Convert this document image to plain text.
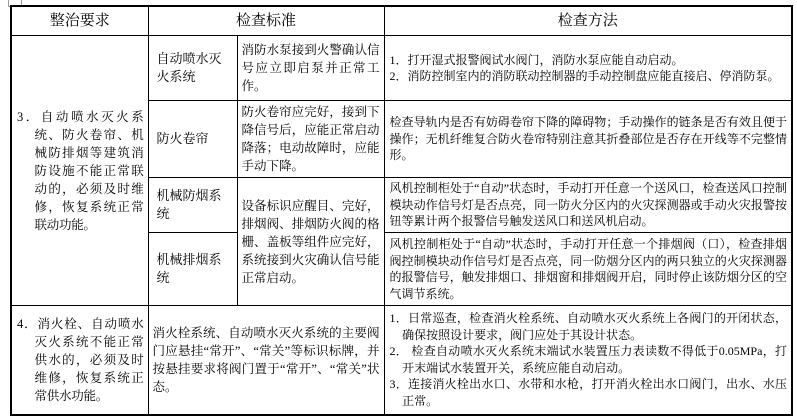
整治要求	检查标准		检查方法

3．自动喷水灭火系统、防火卷帘、机械防排烟等建筑消防设施不能正常联动的，必须及时维修，恢复系统正常联动功能。	自动喷水灭火系统	消防水泵接到火警确认信号应立即启泵并正常工作。	1．打开湿式报警阀试水阀门，消防水泵应能自动启动。
2．消防控制室内的消防联动控制器的手动控制盘应能直接启、停消防泵。

	防火卷帘	防火卷帘应完好，接到下降信号后，应能正常启动降落；电动故障时，应能手动下降。	检查导轨内是否有妨碍卷帘下降的障碍物；手动操作的链条是否有效且便于操作；无机纤维复合防火卷帘特别注意其折叠部位是否存在开线等不完整情形。
	机械防烟系统	设备标识应醒目、完好，排烟阀、排烟防火阀的格栅、盖板等组件应完好，系统接到火灾确认信号能正常启动。	风机控制柜处于“自动”状态时，手动打开任意一个送风口，检查送风口控制模块动作信号灯是否点亮，同一防火分区内的火灾探测器或手动火灾报警按钮等累计两个报警信号触发送风口和送风机启动。
	机械排烟系统		风机控制柜处于“自动”状态时，手动打开任意一个排烟阀（口），检查排烟阀控制模块动作信号灯是否点亮，同一防烟分区内的两只独立的火灾探测器的报警信号，触发排烟口、排烟窗和排烟阀开启，同时停止该防烟分区的空气调节系统。

4．消火栓、自动喷水灭火系统不能正常供水的，必须及时维修，恢复系统正常供水功能。	消火栓系统、自动喷水灭火系统的主要阀门应悬挂“常开”、“常关”等标识标牌，并按悬挂要求将阀门置于“常开”、“常关”状态。		1．日常巡查，检查消火栓系统、自动喷水灭火系统上各阀门的开闭状态，确保按照设计要求，阀门应处于其设计状态。
2． 检查自动喷水灭火系统末端试水装置压力表读数不得低于0.05MPa，打开末端试水装置开关，系统应能自动启动。
3．连接消火栓出水口、水带和水枪，打开消火栓出水口阀门，出水、水压正常。
